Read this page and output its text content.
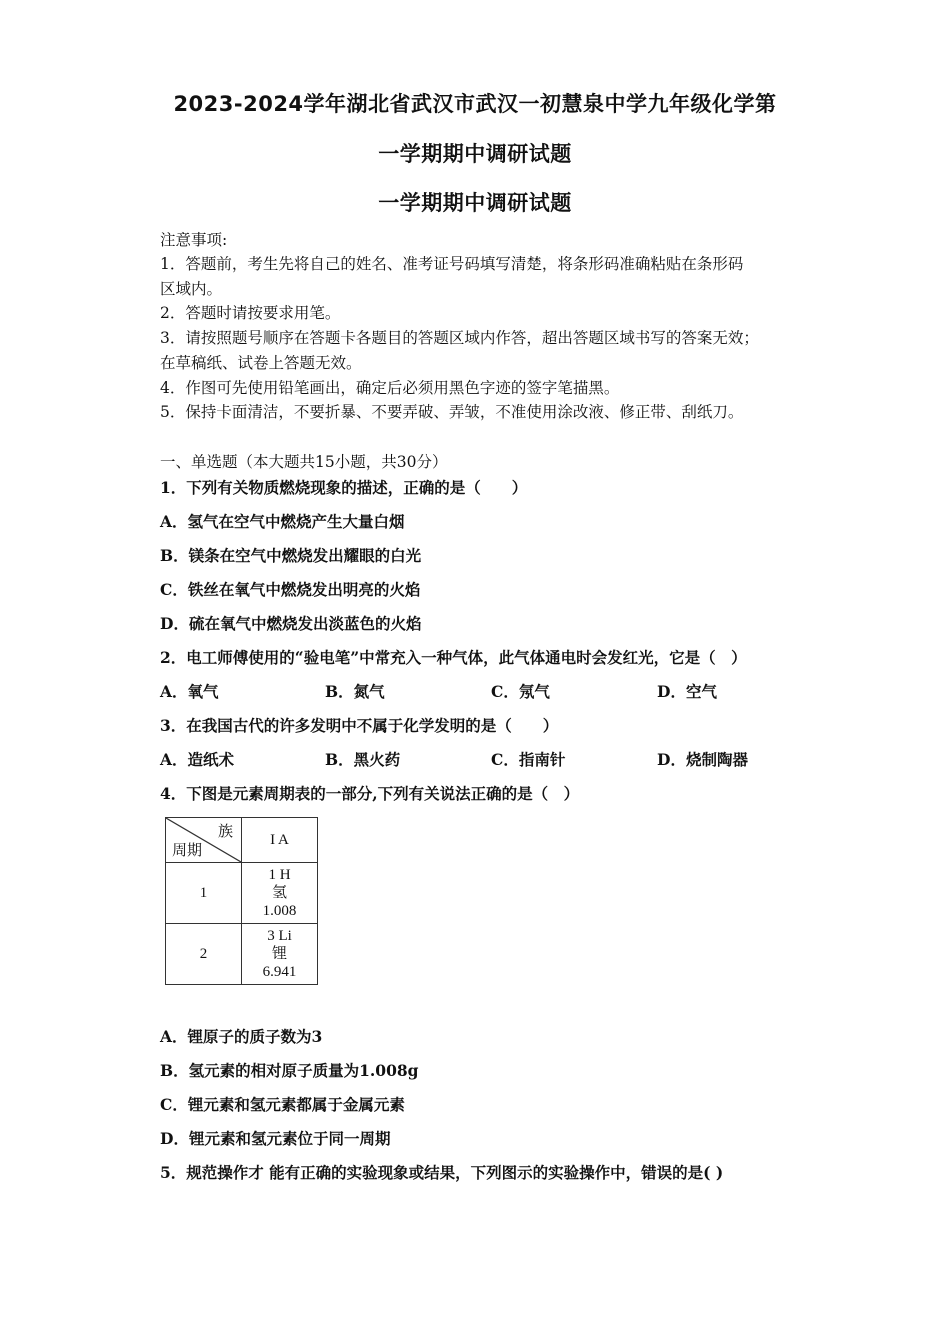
2023-2024学年湖北省武汉市武汉一初慧泉中学九年级化学第
一学期期中调研试题
一学期期中调研试题
注意事项:
1．答题前，考生先将自己的姓名、准考证号码填写清楚，将条形码准确粘贴在条形码
区域内。
2．答题时请按要求用笔。
3．请按照题号顺序在答题卡各题目的答题区域内作答，超出答题区域书写的答案无效；
在草稿纸、试卷上答题无效。
4．作图可先使用铅笔画出，确定后必须用黑色字迹的签字笔描黑。
5．保持卡面清洁，不要折暴、不要弄破、弄皱，不准使用涂改液、修正带、刮纸刀。
一、单选题（本大题共15小题，共30分）
1．下列有关物质燃烧现象的描述，正确的是（　　）
A．氢气在空气中燃烧产生大量白烟
B．镁条在空气中燃烧发出耀眼的白光
C．铁丝在氧气中燃烧发出明亮的火焰
D．硫在氧气中燃烧发出淡蓝色的火焰
2．电工师傅使用的“验电笔”中常充入一种气体，此气体通电时会发红光，它是（　）
A．氧气	B．氮气	C．氖气	D．空气
3．在我国古代的许多发明中不属于化学发明的是（　　）
A．造纸术	B．黑火药	C．指南针	D．烧制陶器
4．下图是元素周期表的一部分,下列有关说法正确的是（　）
族
周期	I A
1	1 H
氢
1.008

2	3 Li
锂
6.941
A．锂原子的质子数为3
B．氢元素的相对原子质量为1.008g
C．锂元素和氢元素都属于金属元素
D．锂元素和氢元素位于同一周期
5．规范操作才 能有正确的实验现象或结果，下列图示的实验操作中，错误的是( )
